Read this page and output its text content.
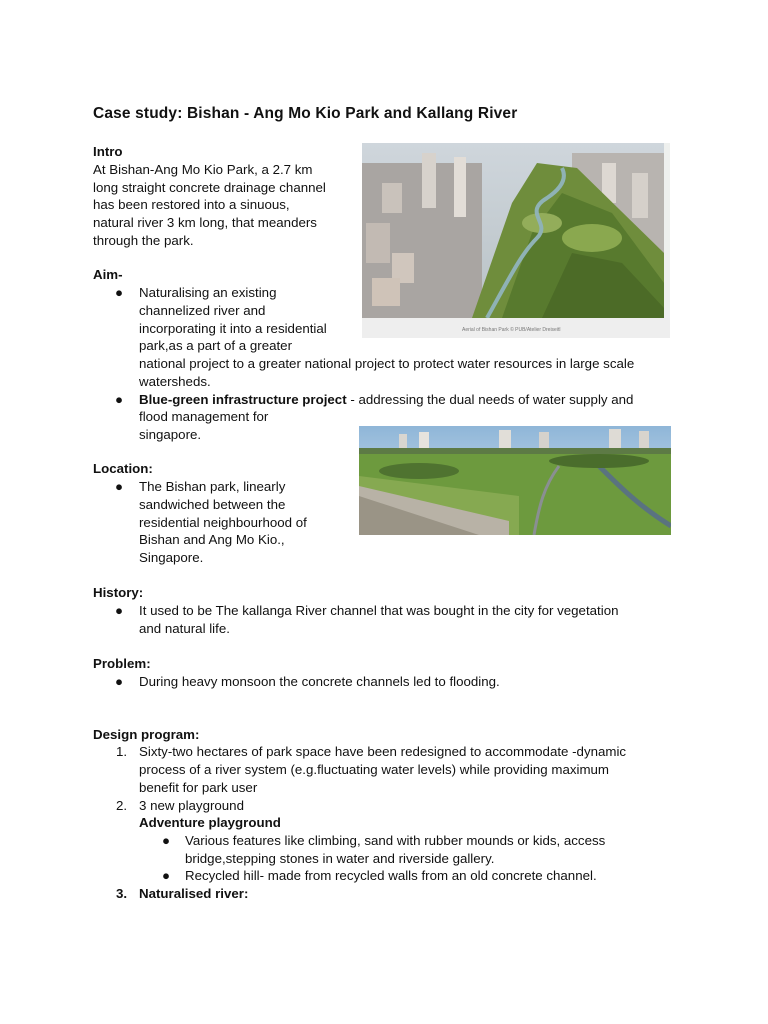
Case study: Bishan - Ang Mo Kio Park and Kallang River
Intro
At Bishan-Ang Mo Kio Park, a 2.7 km
long straight concrete drainage channel
has been restored into a sinuous,
natural river 3 km long, that meanders
through the park.
Aerial of Bishan Park © PUB/Atelier Dreiseitl
Aim-
● Naturalising an existing
channelized river and
incorporating it into a residential
park,as a part of a greater
national project to a greater national project to protect water resources in large scale
watersheds.
● Blue-green infrastructure project - addressing the dual needs of water supply and
flood management for
singapore.
Location:
● The Bishan park, linearly
sandwiched between the
residential neighbourhood of
Bishan and Ang Mo Kio.,
Singapore.
History:
● It used to be The kallanga River channel that was bought in the city for vegetation
and natural life.
Problem:
● During heavy monsoon the concrete channels led to flooding.
Design program:
1. Sixty-two hectares of park space have been redesigned to accommodate -dynamic
process of a river system (e.g.fluctuating water levels) while providing maximum
benefit for park user
2. 3 new playground
Adventure playground
● Various features like climbing, sand with rubber mounds or kids, access
bridge,stepping stones in water and riverside gallery.
● Recycled hill- made from recycled walls from an old concrete channel.
3. Naturalised river:
